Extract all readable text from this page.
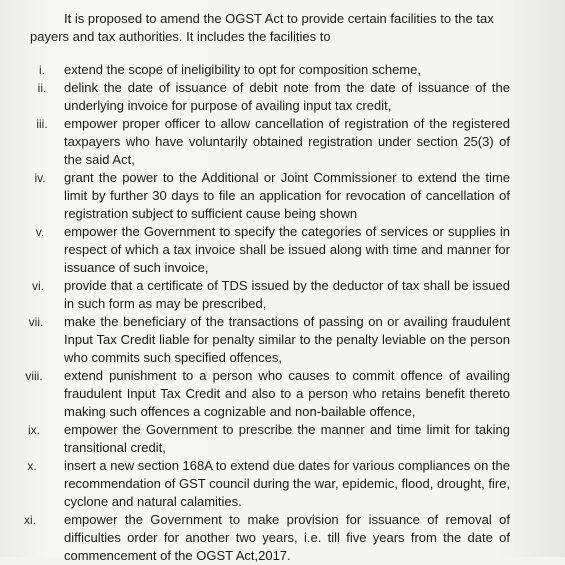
It is proposed to amend the OGST Act to provide certain facilities to the tax
payers and tax authorities. It includes the facilities to
i.	extend the scope of ineligibility to opt for composition scheme,
ii.	delink the date of issuance of debit note from the date of issuance of the underlying invoice for purpose of availing input tax credit,
iii.	empower proper officer to allow cancellation of registration of the registered taxpayers who have voluntarily obtained registration under section 25(3) of the said Act,
iv.	grant the power to the Additional or Joint Commissioner to extend the time limit by further 30 days to file an application for revocation of cancellation of registration subject to sufficient cause being shown
v.	empower the Government to specify the categories of services or supplies in respect of which a tax invoice shall be issued along with time and manner for issuance of such invoice,
vi.	provide that a certificate of TDS issued by the deductor of tax shall be issued in such form as may be prescribed,
vii.	make the beneficiary of the transactions of passing on or availing fraudulent Input Tax Credit liable for penalty similar to the penalty leviable on the person who commits such specified offences,
viii.	extend punishment to a person who causes to commit offence of availing fraudulent Input Tax Credit and also to a person who retains benefit thereto making such offences a cognizable and non-bailable offence,
ix.	empower the Government to prescribe the manner and time limit for taking transitional credit,
x.	insert a new section 168A to extend due dates for various compliances on the recommendation of GST council during the war, epidemic, flood, drought, fire, cyclone and natural calamities.
xi.	empower the Government to make provision for issuance of removal of difficulties order for another two years, i.e. till five years from the date of commencement of the OGST Act,2017.
